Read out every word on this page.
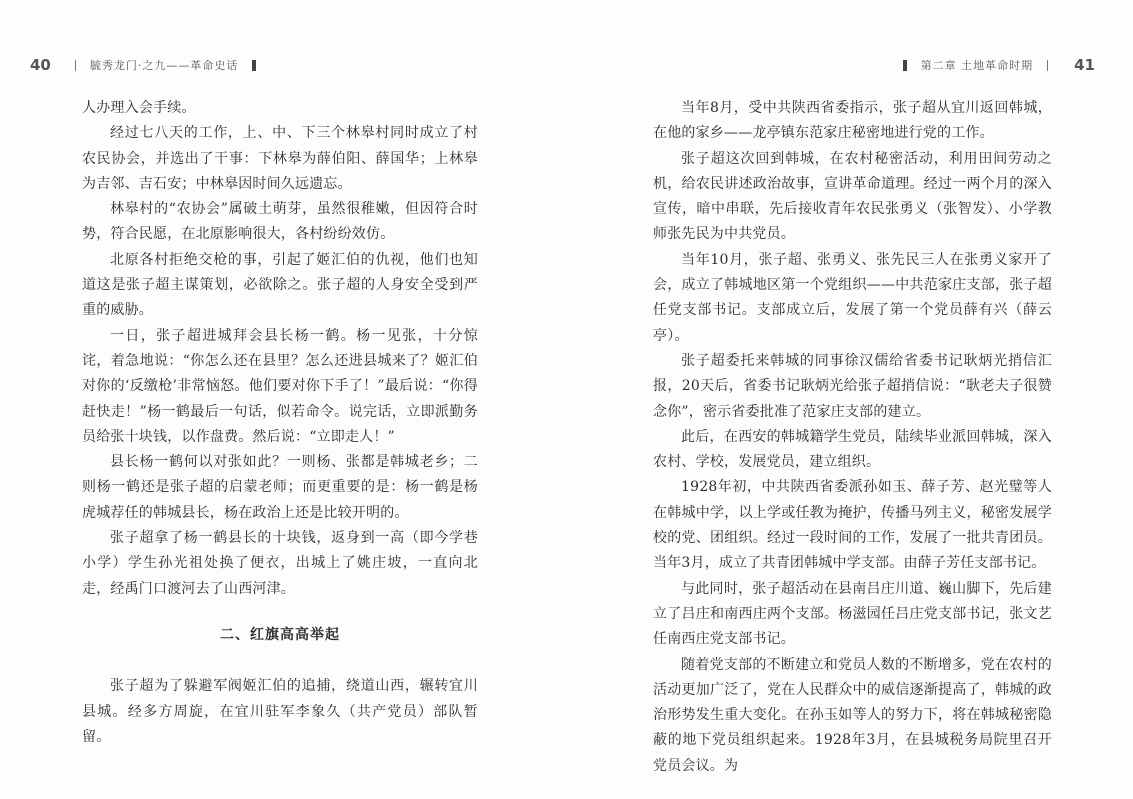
40	毓秀龙门·之九——革命史话

人办理入会手续。

经过七八天的工作，上、中、下三个林皋村同时成立了村农民协会，并选出了干事：下林皋为薛伯阳、薛国华；上林皋为吉邻、吉石安；中林皋因时间久远遗忘。

林皋村的“农协会”属破土萌芽，虽然很稚嫩，但因符合时势，符合民愿，在北原影响很大，各村纷纷效仿。

北原各村拒绝交枪的事，引起了姬汇伯的仇视，他们也知道这是张子超主谋策划，必欲除之。张子超的人身安全受到严重的威胁。

一日，张子超进城拜会县长杨一鹤。杨一见张，十分惊诧，着急地说：“你怎么还在县里？怎么还进县城来了？姬汇伯对你的‘反缴枪’非常恼怒。他们要对你下手了！”最后说：“你得赶快走！”杨一鹤最后一句话，似若命令。说完话，立即派勤务员给张十块钱，以作盘费。然后说：“立即走人！”

县长杨一鹤何以对张如此？一则杨、张都是韩城老乡；二则杨一鹤还是张子超的启蒙老师；而更重要的是：杨一鹤是杨虎城荐任的韩城县长，杨在政治上还是比较开明的。

张子超拿了杨一鹤县长的十块钱，返身到一高（即今学巷小学）学生孙光祖处换了便衣，出城上了姚庄坡，一直向北走，经禹门口渡河去了山西河津。

二、红旗高高举起

张子超为了躲避军阀姬汇伯的追捕，绕道山西，辗转宜川县城。经多方周旋，在宜川驻军李象久（共产党员）部队暂留。

第二章 土地革命时期	41

当年8月，受中共陕西省委指示，张子超从宜川返回韩城，在他的家乡——龙亭镇东范家庄秘密地进行党的工作。

张子超这次回到韩城，在农村秘密活动，利用田间劳动之机，给农民讲述政治故事，宣讲革命道理。经过一两个月的深入宣传，暗中串联，先后接收青年农民张勇义（张智发）、小学教师张先民为中共党员。

当年10月，张子超、张勇义、张先民三人在张勇义家开了会，成立了韩城地区第一个党组织——中共范家庄支部，张子超任党支部书记。支部成立后，发展了第一个党员薛有兴（薛云亭）。

张子超委托来韩城的同事徐汉儒给省委书记耿炳光捎信汇报，20天后，省委书记耿炳光给张子超捎信说：“耿老夫子很赞念你”，密示省委批准了范家庄支部的建立。

此后，在西安的韩城籍学生党员，陆续毕业派回韩城，深入农村、学校，发展党员，建立组织。

1928年初，中共陕西省委派孙如玉、薛子芳、赵光璧等人在韩城中学，以上学或任教为掩护，传播马列主义，秘密发展学校的党、团组织。经过一段时间的工作，发展了一批共青团员。当年3月，成立了共青团韩城中学支部。由薛子芳任支部书记。

与此同时，张子超活动在县南吕庄川道、巍山脚下，先后建立了吕庄和南西庄两个支部。杨滋园任吕庄党支部书记，张文艺任南西庄党支部书记。

随着党支部的不断建立和党员人数的不断增多，党在农村的活动更加广泛了，党在人民群众中的威信逐渐提高了，韩城的政治形势发生重大变化。在孙玉如等人的努力下，将在韩城秘密隐蔽的地下党员组织起来。1928年3月，在县城税务局院里召开党员会议。为
